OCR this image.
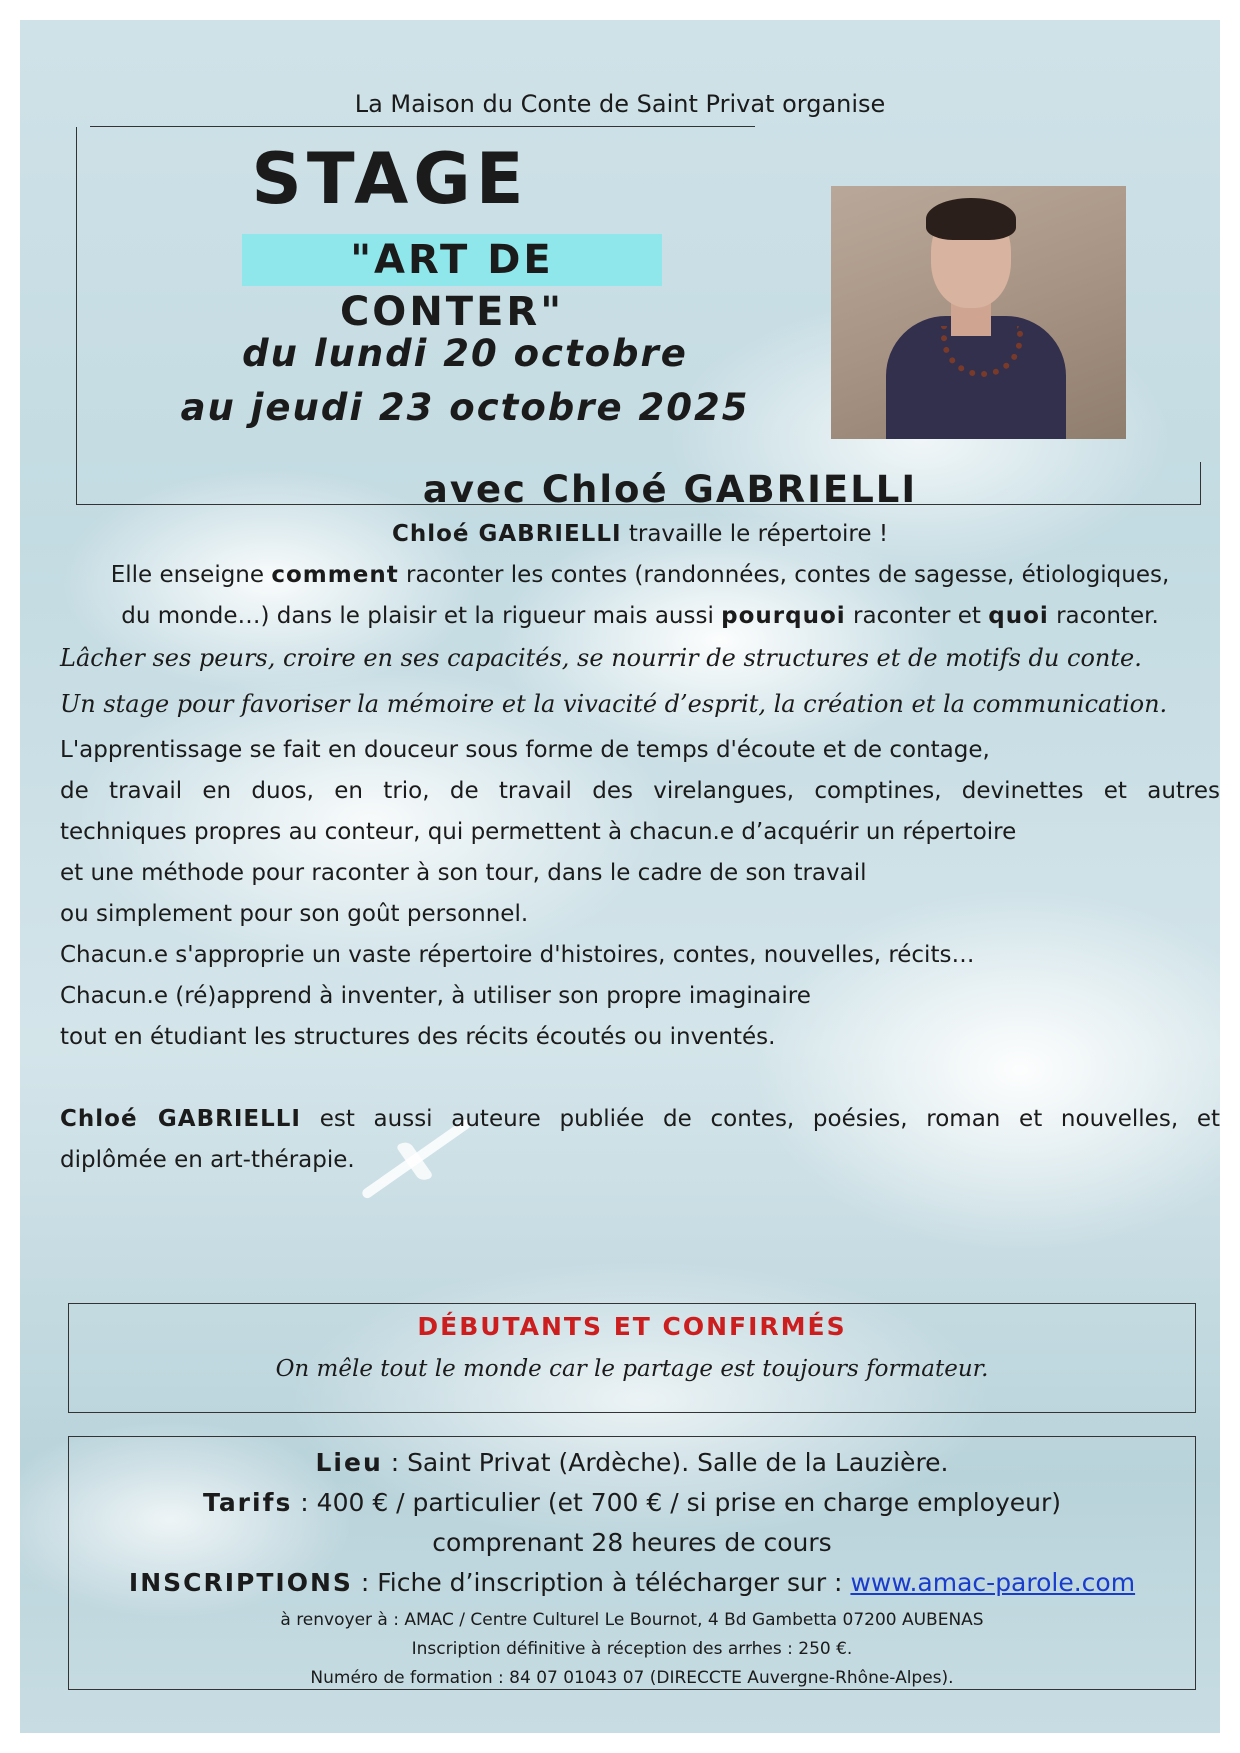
La Maison du Conte de Saint Privat organise
STAGE
"ART DE CONTER"
du lundi 20 octobre
au jeudi 23 octobre 2025
avec Chloé GABRIELLI
Chloé GABRIELLI travaille le répertoire !
Elle enseigne comment raconter les contes (randonnées, contes de sagesse, étiologiques,
du monde…) dans le plaisir et la rigueur mais aussi pourquoi raconter et quoi raconter.
Lâcher ses peurs, croire en ses capacités, se nourrir de structures et de motifs du conte.
Un stage pour favoriser la mémoire et la vivacité d’esprit, la création et la communication.
L'apprentissage se fait en douceur sous forme de temps d'écoute et de contage,
de travail en duos, en trio, de travail des virelangues, comptines, devinettes et autres
techniques propres au conteur, qui permettent à chacun.e d’acquérir un répertoire
et une méthode pour raconter à son tour, dans le cadre de son travail
ou simplement pour son goût personnel.
Chacun.e s'approprie un vaste répertoire d'histoires, contes, nouvelles, récits…
Chacun.e (ré)apprend à inventer, à utiliser son propre imaginaire
tout en étudiant les structures des récits écoutés ou inventés.
Chloé GABRIELLI est aussi auteure publiée de contes, poésies, roman et nouvelles, et
diplômée en art-thérapie.
DÉBUTANTS ET CONFIRMÉS
On mêle tout le monde car le partage est toujours formateur.
Lieu : Saint Privat (Ardèche). Salle de la Lauzière.
Tarifs : 400 € / particulier (et 700 € / si prise en charge employeur)
comprenant 28 heures de cours
INSCRIPTIONS : Fiche d’inscription à télécharger sur : www.amac-parole.com
à renvoyer à : AMAC / Centre Culturel Le Bournot, 4 Bd Gambetta 07200 AUBENAS
Inscription définitive à réception des arrhes : 250 €.
Numéro de formation : 84 07 01043 07 (DIRECCTE Auvergne-Rhône-Alpes).
